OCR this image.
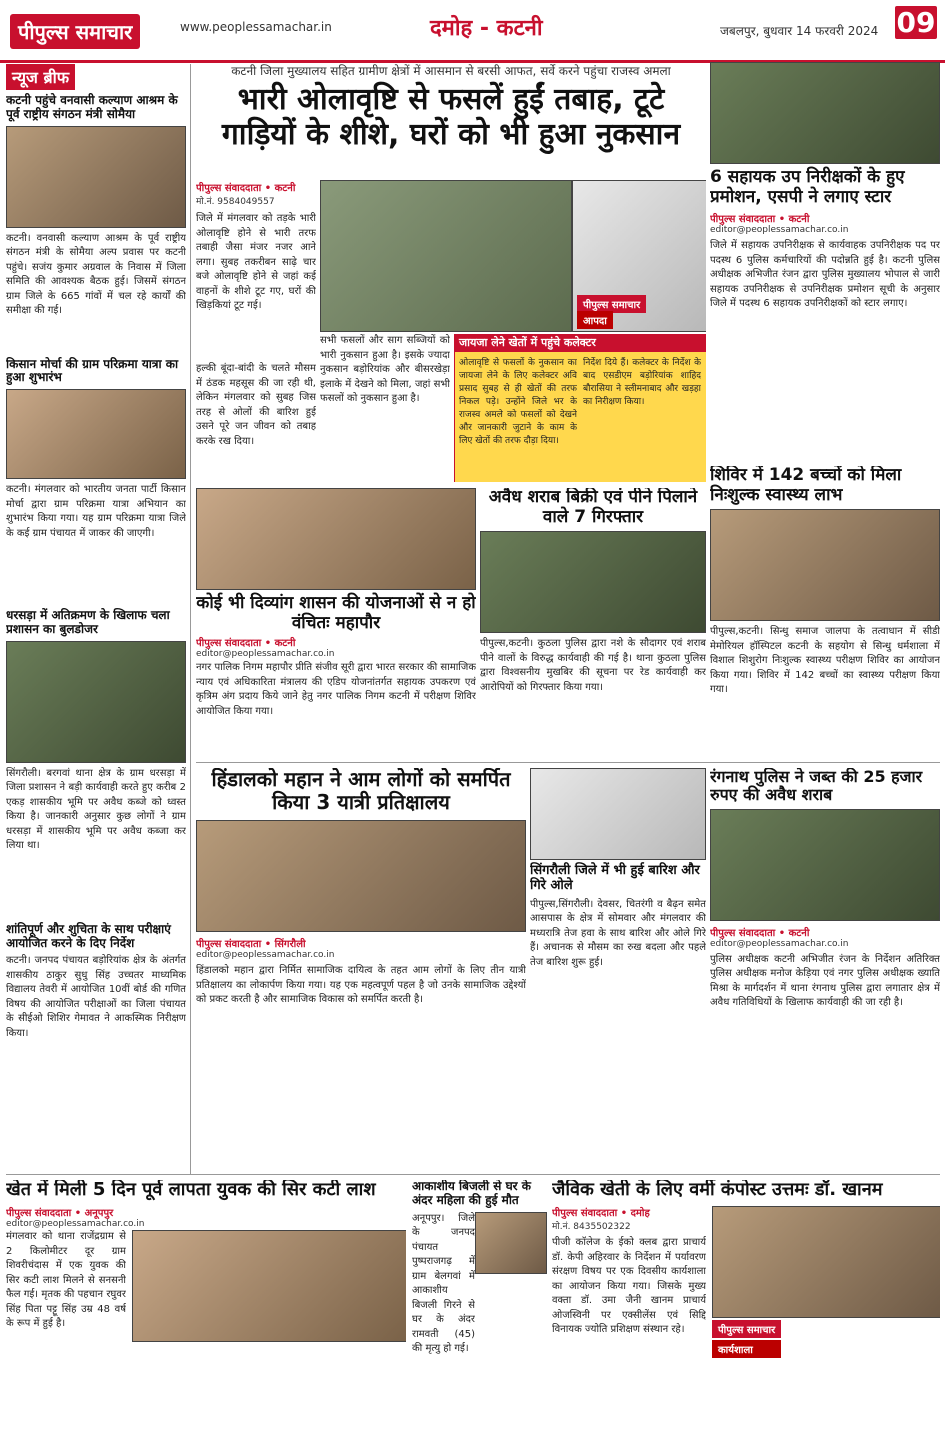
पीपुल्स समाचार	www.peoplessamachar.in	दमोह - कटनी	जबलपुर, बुधवार 14 फरवरी 2024 09
न्यूज ब्रीफ
कटनी पहुंचे वनवासी कल्याण आश्रम के पूर्व राष्ट्रीय संगठन मंत्री सोमैया
कटनी। वनवासी कल्याण आश्रम के पूर्व राष्ट्रीय संगठन मंत्री के सोमैया अल्प प्रवास पर कटनी पहुंचे। सजंय कुमार अग्रवाल के निवास में जिला समिति की आवश्यक बैठक हुई। जिसमें संगठन ग्राम जिले के 665 गांवों में चल रहे कार्यों की समीक्षा की गई।
किसान मोर्चा की ग्राम परिक्रमा यात्रा का हुआ शुभारंभ
कटनी। मंगलवार को भारतीय जनता पार्टी किसान मोर्चा द्वारा ग्राम परिक्रमा यात्रा अभियान का शुभारंभ किया गया। यह ग्राम परिक्रमा यात्रा जिले के कई ग्राम पंचायत में जाकर की जाएगी।
धरसड़ा में अतिक्रमण के खिलाफ चला प्रशासन का बुलडोजर
सिंगरौली। बरगवां थाना क्षेत्र के ग्राम धरसड़ा में जिला प्रशासन ने बड़ी कार्यवाही करते हुए करीब 2 एकड़ शासकीय भूमि पर अवैध कब्जे को ध्वस्त किया है। जानकारी अनुसार कुछ लोगों ने ग्राम धरसड़ा में शासकीय भूमि पर अवैध कब्जा कर लिया था।
शांतिपूर्ण और शुचिता के साथ परीक्षाएं आयोजित करने के दिए निर्देश
कटनी। जनपद पंचायत बड़ोरियांक क्षेत्र के अंतर्गत शासकीय ठाकुर सुधु सिंह उच्चतर माध्यमिक विद्यालय तेवरी में आयोजित 10वीं बोर्ड की गणित विषय की आयोजित परीक्षाओं का जिला पंचायत के सीईओ शिशिर गेमावत ने आकस्मिक निरीक्षण किया।
कटनी जिला मुख्यालय सहित ग्रामीण क्षेत्रों में आसमान से बरसी आफत, सर्वे करने पहुंचा राजस्व अमला
भारी ओलावृष्टि से फसलें हुईं तबाह, टूटे गाड़ियों के शीशे, घरों को भी हुआ नुकसान
पीपुल्स संवाददाता • कटनी
मो.नं. 9584049557
जिले में मंगलवार को तड़के भारी ओलावृष्टि होने से भारी तरफ तबाही जैसा मंजर नजर आने लगा। सुबह तकरीबन साढ़े चार बजे ओलावृष्टि होने से जहां कई वाहनों के शीशे टूट गए, घरों की खिड़कियां टूट गई।
हल्की बूंदा-बांदी के चलते मौसम में ठंडक महसूस की जा रही थी, लेकिन मंगलवार को सुबह जिस तरह से ओलों की बारिश हुई उसने पूरे जन जीवन को तबाह करके रख दिया।
पीपुल्स समाचार
आपदा
सभी फसलों और साग सब्जियों को भारी नुकसान हुआ है। इसके ज्यादा नुकसान बड़ोरियांक और बीसरखेड़ा इलाके में देखने को मिला, जहां सभी फसलों को नुकसान हुआ है।
जायजा लेने खेतों में पहुंचे कलेक्टर
ओलावृष्टि से फसलों के नुकसान का जायजा लेने के लिए कलेक्टर अवि प्रसाद सुबह से ही खेतों की तरफ निकल पड़े। उन्होंने जिले भर के राजस्व अमले को फसलों को देखने और जानकारी जुटाने के काम के लिए खेतों की तरफ दौड़ा दिया।
निर्देश दिये हैं। कलेक्टर के निर्देश के बाद एसडीएम बड़ोरियांक शाहिद बौरासिया ने स्लीमनाबाद और खड़हा का निरीक्षण किया।
6 सहायक उप निरीक्षकों के हुए प्रमोशन, एसपी ने लगाए स्टार
पीपुल्स संवाददाता • कटनी
editor@peoplessamachar.co.in
जिले में सहायक उपनिरीक्षक से कार्यवाहक उपनिरीक्षक पद पर पदस्थ 6 पुलिस कर्मचारियों की पदोन्नति हुई है। कटनी पुलिस अधीक्षक अभिजीत रंजन द्वारा पुलिस मुख्यालय भोपाल से जारी सहायक उपनिरीक्षक से उपनिरीक्षक प्रमोशन सूची के अनुसार जिले में पदस्थ 6 सहायक उपनिरीक्षकों को स्टार लगाए।
शिविर में 142 बच्चों को मिला निःशुल्क स्वास्थ्य लाभ
पीपुल्स,कटनी। सिन्धु समाज जालपा के तत्वाधान में सीडी मेमोरियल हॉस्पिटल कटनी के सहयोग से सिन्धु धर्मशाला में विशाल शिशुरोग निःशुल्क स्वास्थ्य परीक्षण शिविर का आयोजन किया गया। शिविर में 142 बच्चों का स्वास्थ्य परीक्षण किया गया।
कोई भी दिव्यांग शासन की योजनाओं से न हो वंचितः महापौर
पीपुल्स संवाददाता • कटनी
editor@peoplessamachar.co.in
नगर पालिक निगम महापौर प्रीति संजीव सूरी द्वारा भारत सरकार की सामाजिक न्याय एवं अधिकारिता मंत्रालय की एडिप योजनांतर्गत सहायक उपकरण एवं कृत्रिम अंग प्रदाय किये जाने हेतु नगर पालिक निगम कटनी में परीक्षण शिविर आयोजित किया गया।
अवैध शराब बिक्री एवं पीने पिलाने वाले 7 गिरफ्तार
पीपुल्स,कटनी। कुठला पुलिस द्वारा नशे के सौदागर एवं शराब पीने वालों के विरुद्ध कार्यवाही की गई है। थाना कुठला पुलिस द्वारा विश्वसनीय मुखबिर की सूचना पर रेड कार्यवाही कर आरोपियों को गिरफ्तार किया गया।
हिंडालको महान ने आम लोगों को समर्पित किया 3 यात्री प्रतिक्षालय
पीपुल्स संवाददाता • सिंगरौली
editor@peoplessamachar.co.in
हिंडालको महान द्वारा निर्मित सामाजिक दायित्व के तहत आम लोगों के लिए तीन यात्री प्रतिक्षालय का लोकार्पण किया गया। यह एक महत्वपूर्ण पहल है जो उनके सामाजिक उद्देश्यों को प्रकट करती है और सामाजिक विकास को समर्पित करती है।
सिंगरौली जिले में भी हुई बारिश और गिरे ओले
पीपुल्स,सिंगरौली। देवसर, चितरंगी व बैढ़न समेत आसपास के क्षेत्र में सोमवार और मंगलवार की मध्यरात्रि तेज हवा के साथ बारिश और ओले गिरे हैं। अचानक से मौसम का रुख बदला और पहले तेज बारिश शुरू हुई।
रंगनाथ पुलिस ने जब्त की 25 हजार रुपए की अवैध शराब
पीपुल्स संवाददाता • कटनी
editor@peoplessamachar.co.in
पुलिस अधीक्षक कटनी अभिजीत रंजन के निर्देशन अतिरिक्त पुलिस अधीक्षक मनोज केड़िया एवं नगर पुलिस अधीक्षक ख्याति मिश्रा के मार्गदर्शन में थाना रंगनाथ पुलिस द्वारा लगातार क्षेत्र में अवैध गतिविधियों के खिलाफ कार्यवाही की जा रही है।
खेत में मिली 5 दिन पूर्व लापता युवक की सिर कटी लाश
पीपुल्स संवाददाता • अनूपपुर
editor@peoplessamachar.co.in
मंगलवार को थाना राजेंद्रग्राम से 2 किलोमीटर दूर ग्राम शिवरीचंदास में एक युवक की सिर कटी लाश मिलने से सनसनी फैल गई। मृतक की पहचान रघुवर सिंह पिता पट्टू सिंह उम्र 48 वर्ष के रूप में हुई है।
आकाशीय बिजली से घर के अंदर महिला की हुई मौत
अनूपपुर। जिले के जनपद पंचायत पुष्पराजगढ़ में ग्राम बेलगवां में आकाशीय बिजली गिरने से घर के अंदर रामवती (45) की मृत्यु हो गई।
जैविक खेती के लिए वर्मी कंपोस्ट उत्तमः डॉ. खानम
पीपुल्स संवाददाता • दमोह
मो.नं. 8435502322
पीजी कॉलेज के ईको क्लब द्वारा प्राचार्य डॉ. केपी अहिरवार के निर्देशन में पर्यावरण संरक्षण विषय पर एक दिवसीय कार्यशाला का आयोजन किया गया। जिसके मुख्य वक्ता डॉ. उमा जैनी खानम प्राचार्य ओजस्विनी पर एक्सीलेंस एवं सिद्दि विनायक ज्योति प्रशिक्षण संस्थान रहे।	पीपुल्स समाचार
कार्यशाला
